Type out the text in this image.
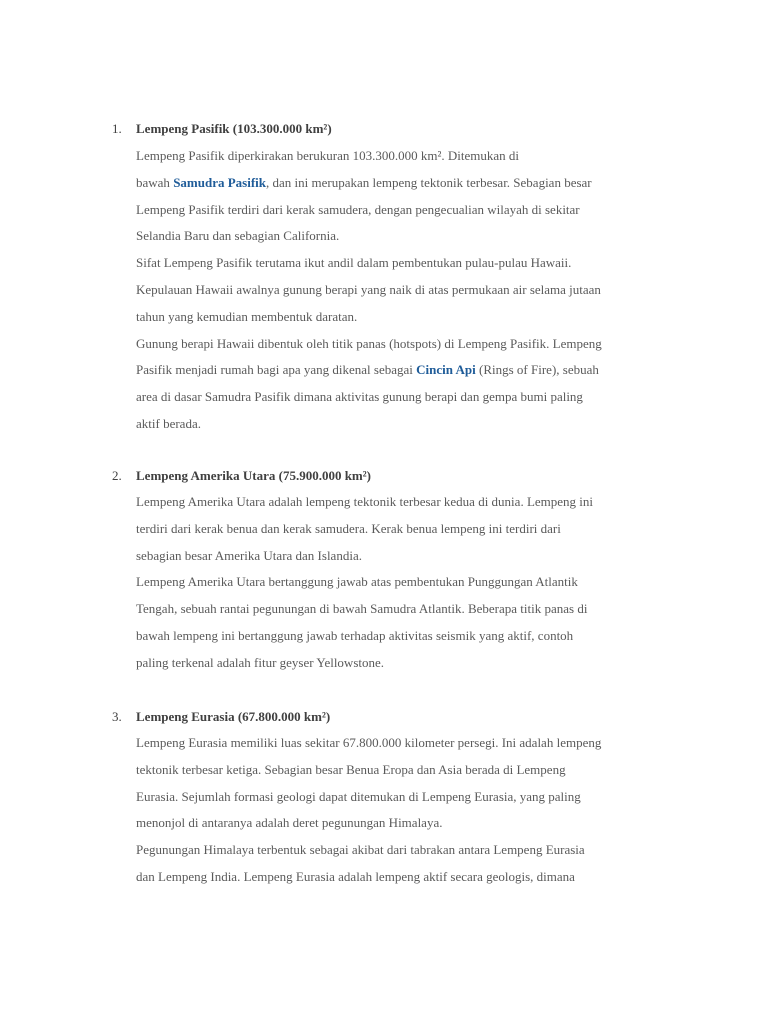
1. Lempeng Pasifik (103.300.000 km²)
Lempeng Pasifik diperkirakan berukuran 103.300.000 km². Ditemukan di
bawah Samudra Pasifik, dan ini merupakan lempeng tektonik terbesar. Sebagian besar
Lempeng Pasifik terdiri dari kerak samudera, dengan pengecualian wilayah di sekitar
Selandia Baru dan sebagian California.
Sifat Lempeng Pasifik terutama ikut andil dalam pembentukan pulau-pulau Hawaii.
Kepulauan Hawaii awalnya gunung berapi yang naik di atas permukaan air selama jutaan
tahun yang kemudian membentuk daratan.
Gunung berapi Hawaii dibentuk oleh titik panas (hotspots) di Lempeng Pasifik. Lempeng
Pasifik menjadi rumah bagi apa yang dikenal sebagai Cincin Api (Rings of Fire), sebuah
area di dasar Samudra Pasifik dimana aktivitas gunung berapi dan gempa bumi paling
aktif berada.
2. Lempeng Amerika Utara (75.900.000 km²)
Lempeng Amerika Utara adalah lempeng tektonik terbesar kedua di dunia. Lempeng ini
terdiri dari kerak benua dan kerak samudera. Kerak benua lempeng ini terdiri dari
sebagian besar Amerika Utara dan Islandia.
Lempeng Amerika Utara bertanggung jawab atas pembentukan Punggungan Atlantik
Tengah, sebuah rantai pegunungan di bawah Samudra Atlantik. Beberapa titik panas di
bawah lempeng ini bertanggung jawab terhadap aktivitas seismik yang aktif, contoh
paling terkenal adalah fitur geyser Yellowstone.
3. Lempeng Eurasia (67.800.000 km²)
Lempeng Eurasia memiliki luas sekitar 67.800.000 kilometer persegi. Ini adalah lempeng
tektonik terbesar ketiga. Sebagian besar Benua Eropa dan Asia berada di Lempeng
Eurasia. Sejumlah formasi geologi dapat ditemukan di Lempeng Eurasia, yang paling
menonjol di antaranya adalah deret pegunungan Himalaya.
Pegunungan Himalaya terbentuk sebagai akibat dari tabrakan antara Lempeng Eurasia
dan Lempeng India. Lempeng Eurasia adalah lempeng aktif secara geologis, dimana
